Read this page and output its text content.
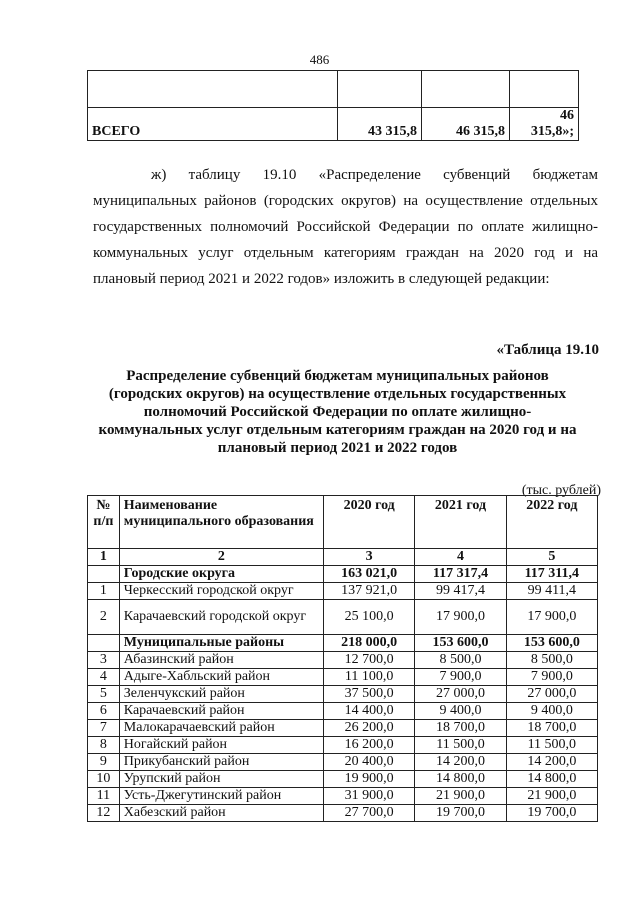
486

ВСЕГО	43 315,8	46 315,8	46 315,8»;
ж) таблицу 19.10 «Распределение субвенций бюджетам
муниципальных районов (городских округов) на осуществление отдельных государственных полномочий Российской Федерации по оплате жилищно-коммунальных услуг отдельным категориям граждан на 2020 год и на плановый период 2021 и 2022 годов» изложить в следующей редакции:
«Таблица 19.10
Распределение субвенций бюджетам муниципальных районов (городских округов) на осуществление отдельных государственных полномочий Российской Федерации по оплате жилищно-коммунальных услуг отдельным категориям граждан на 2020 год и на плановый период 2021 и 2022 годов
(тыс. рублей)
№ п/п	Наименование муниципального образования	2020 год	2021 год	2022 год
1	2	3	4	5
	Городские округа	163 021,0	117 317,4	117 311,4
1	Черкесский городской округ	137 921,0	99 417,4	99 411,4
2	Карачаевский городской округ	25 100,0	17 900,0	17 900,0
	Муниципальные районы	218 000,0	153 600,0	153 600,0
3	Абазинский район	12 700,0	8 500,0	8 500,0
4	Адыге-Хабльский район	11 100,0	7 900,0	7 900,0
5	Зеленчукский район	37 500,0	27 000,0	27 000,0
6	Карачаевский район	14 400,0	9 400,0	9 400,0
7	Малокарачаевский район	26 200,0	18 700,0	18 700,0
8	Ногайский район	16 200,0	11 500,0	11 500,0
9	Прикубанский район	20 400,0	14 200,0	14 200,0
10	Урупский район	19 900,0	14 800,0	14 800,0
11	Усть-Джегутинский район	31 900,0	21 900,0	21 900,0
12	Хабезский район	27 700,0	19 700,0	19 700,0
